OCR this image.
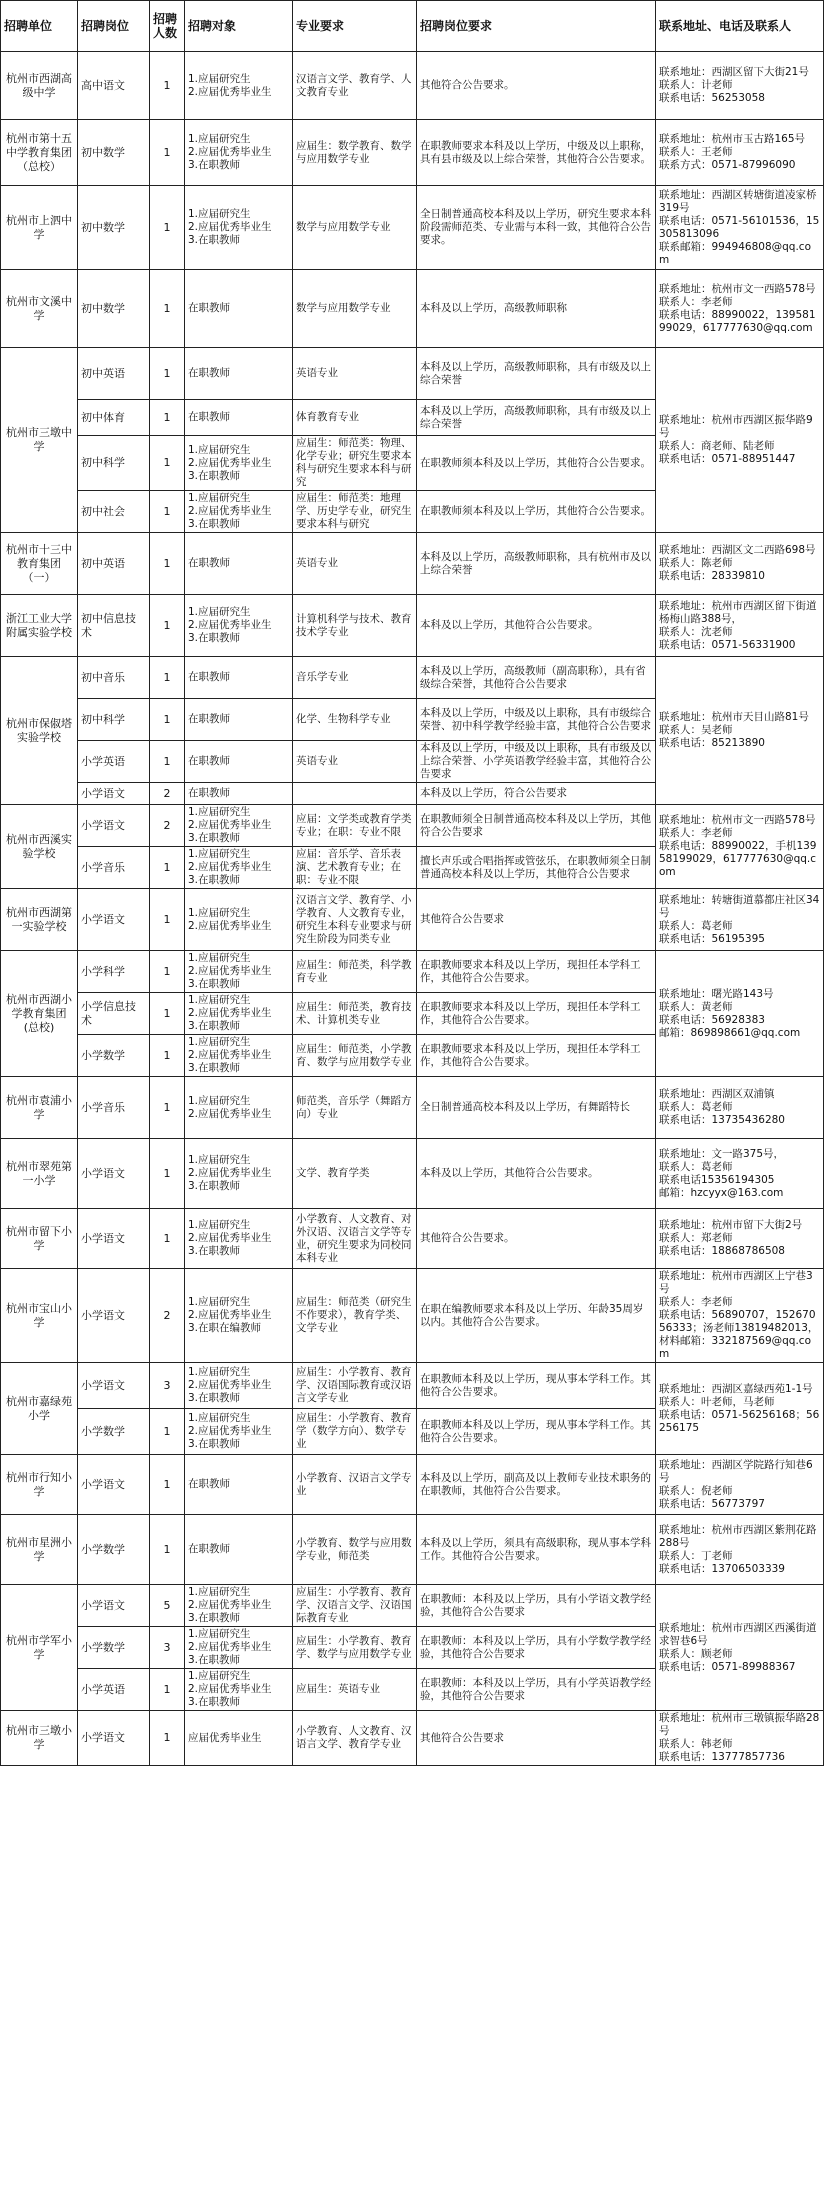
招聘单位	招聘岗位	招聘人数	招聘对象	专业要求	招聘岗位要求	联系地址、电话及联系人
杭州市西湖高级中学	高中语文	1	1.应届研究生
2.应届优秀毕业生	汉语言文学、教育学、人文教育专业	其他符合公告要求。	联系地址：西湖区留下大街21号
联系人：计老师
联系电话：56253058
杭州市第十五中学教育集团（总校）	初中数学	1	1.应届研究生
2.应届优秀毕业生
3.在职教师	应届生：数学教育、数学与应用数学专业	在职教师要求本科及以上学历，中级及以上职称，具有县市级及以上综合荣誉，其他符合公告要求。	联系地址：杭州市玉古路165号
联系人：王老师
联系方式：0571-87996090
杭州市上泗中学	初中数学	1	1.应届研究生
2.应届优秀毕业生
3.在职教师	数学与应用数学专业	全日制普通高校本科及以上学历，研究生要求本科阶段需师范类、专业需与本科一致，其他符合公告要求。	联系地址：西湖区转塘街道凌家桥319号
联系电话：0571-56101536，15305813096
联系邮箱：994946808@qq.com
杭州市文溪中学	初中数学	1	在职教师	数学与应用数学专业	本科及以上学历，高级教师职称	联系地址：杭州市文一西路578号
联系人：李老师
联系电话：88990022，13958199029，617777630@qq.com
杭州市三墩中学	初中英语	1	在职教师	英语专业	本科及以上学历，高级教师职称，具有市级及以上综合荣誉	联系地址：杭州市西湖区振华路9号
联系人：商老师、陆老师
联系电话：0571-88951447
	初中体育	1	在职教师	体育教育专业	本科及以上学历，高级教师职称，具有市级及以上综合荣誉	
	初中科学	1	1.应届研究生
2.应届优秀毕业生
3.在职教师	应届生：师范类：物理、化学专业；研究生要求本科与研究生要求本科与研究	在职教师须本科及以上学历，其他符合公告要求。	
	初中社会	1	1.应届研究生
2.应届优秀毕业生
3.在职教师	应届生：师范类：地理学、历史学专业，研究生要求本科与研究	在职教师须本科及以上学历，其他符合公告要求。	
杭州市十三中教育集团（一）	初中英语	1	在职教师	英语专业	本科及以上学历，高级教师职称，具有杭州市及以上综合荣誉	联系地址：西湖区文二西路698号
联系人：陈老师
联系电话：28339810
浙江工业大学附属实验学校	初中信息技术	1	1.应届研究生
2.应届优秀毕业生
3.在职教师	计算机科学与技术、教育技术学专业	本科及以上学历，其他符合公告要求。	联系地址：杭州市西湖区留下街道杨梅山路388号，
联系人：沈老师
联系电话：0571-56331900
杭州市保俶塔实验学校	初中音乐	1	在职教师	音乐学专业	本科及以上学历，高级教师（副高职称），具有省级综合荣誉，其他符合公告要求	联系地址：杭州市天目山路81号
联系人：吴老师
联系电话：85213890
	初中科学	1	在职教师	化学、生物科学专业	本科及以上学历，中级及以上职称，具有市级综合荣誉、初中科学教学经验丰富，其他符合公告要求	
	小学英语	1	在职教师	英语专业	本科及以上学历，中级及以上职称，具有市级及以上综合荣誉、小学英语教学经验丰富，其他符合公告要求	
	小学语文	2	在职教师		本科及以上学历，符合公告要求	
杭州市西溪实验学校	小学语文	2	1.应届研究生
2.应届优秀毕业生
3.在职教师	应届：文学类或教育学类专业；在职：专业不限	在职教师须全日制普通高校本科及以上学历，其他符合公告要求	联系地址：杭州市文一西路578号
联系人：李老师
联系电话：88990022，手机13958199029，617777630@qq.com
	小学音乐	1	1.应届研究生
2.应届优秀毕业生
3.在职教师	应届：音乐学、音乐表演、艺术教育专业；在职：专业不限	擅长声乐或合唱指挥或管弦乐，在职教师须全日制普通高校本科及以上学历，其他符合公告要求	
杭州市西湖第一实验学校	小学语文	1	1.应届研究生
2.应届优秀毕业生	汉语言文学、教育学、小学教育、人文教育专业，研究生本科专业要求与研究生阶段为同类专业	其他符合公告要求	联系地址：转塘街道慕都庄社区34号
联系人：葛老师
联系电话：56195395
杭州市西湖小学教育集团(总校)	小学科学	1	1.应届研究生
2.应届优秀毕业生
3.在职教师	应届生：师范类，科学教育专业	在职教师要求本科及以上学历，现担任本学科工作，其他符合公告要求。	联系地址：曙光路143号
联系人：黄老师
联系电话：56928383
邮箱：869898661@qq.com
	小学信息技术	1	1.应届研究生
2.应届优秀毕业生
3.在职教师	应届生：师范类，教育技术、计算机类专业	在职教师要求本科及以上学历，现担任本学科工作，其他符合公告要求。	
	小学数学	1	1.应届研究生
2.应届优秀毕业生
3.在职教师	应届生：师范类，小学教育、数学与应用数学专业	在职教师要求本科及以上学历，现担任本学科工作，其他符合公告要求。	
杭州市袁浦小学	小学音乐	1	1.应届研究生
2.应届优秀毕业生	师范类，音乐学（舞蹈方向）专业	全日制普通高校本科及以上学历，有舞蹈特长	联系地址：西湖区双浦镇
联系人：葛老师
联系电话：13735436280
杭州市翠苑第一小学	小学语文	1	1.应届研究生
2.应届优秀毕业生
3.在职教师	文学、教育学类	本科及以上学历，其他符合公告要求。	联系地址：文一路375号，
联系人：葛老师
联系电话15356194305
邮箱：hzcyyx@163.com
杭州市留下小学	小学语文	1	1.应届研究生
2.应届优秀毕业生
3.在职教师	小学教育、人文教育、对外汉语、汉语言文学等专业，研究生要求为同校同本科专业	其他符合公告要求。	联系地址：杭州市留下大街2号
联系人：郑老师
联系电话：18868786508
杭州市宝山小学	小学语文	2	1.应届研究生
2.应届优秀毕业生
3.在职在编教师	应届生：师范类（研究生不作要求），教育学类、文学专业	在职在编教师要求本科及以上学历、年龄35周岁以内。其他符合公告要求。	联系地址：杭州市西湖区上宁巷3号
联系人：李老师
联系电话：56890707，15267056333；汤老师13819482013，材料邮箱：332187569@qq.com
杭州市嘉绿苑小学	小学语文	3	1.应届研究生
2.应届优秀毕业生
3.在职教师	应届生：小学教育、教育学、汉语国际教育或汉语言文学专业	在职教师本科及以上学历，现从事本学科工作。其他符合公告要求。	联系地址：西湖区嘉绿西苑1-1号
联系人：叶老师，马老师
联系电话：0571-56256168；56256175
	小学数学	1	1.应届研究生
2.应届优秀毕业生
3.在职教师	应届生：小学教育、教育学（数学方向）、数学专业	在职教师本科及以上学历，现从事本学科工作。其他符合公告要求。	
杭州市行知小学	小学语文	1	在职教师	小学教育、汉语言文学专业	本科及以上学历，副高及以上教师专业技术职务的在职教师，其他符合公告要求。	联系地址：西湖区学院路行知巷6号
联系人：倪老师
联系电话：56773797
杭州市星洲小学	小学数学	1	在职教师	小学教育、数学与应用数学专业，师范类	本科及以上学历，须具有高级职称，现从事本学科工作。其他符合公告要求。	联系地址：杭州市西湖区紫荆花路288号
联系人：丁老师
联系电话：13706503339
杭州市学军小学	小学语文	5	1.应届研究生
2.应届优秀毕业生
3.在职教师	应届生：小学教育、教育学、汉语言文学、汉语国际教育专业	在职教师：本科及以上学历，具有小学语文教学经验，其他符合公告要求	联系地址：杭州市西湖区西溪街道求智巷6号
联系人：顾老师
联系电话：0571-89988367
	小学数学	3	1.应届研究生
2.应届优秀毕业生
3.在职教师	应届生：小学教育、教育学、数学与应用数学专业	在职教师：本科及以上学历，具有小学数学教学经验，其他符合公告要求	
	小学英语	1	1.应届研究生
2.应届优秀毕业生
3.在职教师	应届生：英语专业	在职教师：本科及以上学历，具有小学英语教学经验，其他符合公告要求	
杭州市三墩小学	小学语文	1	应届优秀毕业生	小学教育、人文教育、汉语言文学、教育学专业	其他符合公告要求	联系地址：杭州市三墩镇振华路28号
联系人：韩老师
联系电话：13777857736
